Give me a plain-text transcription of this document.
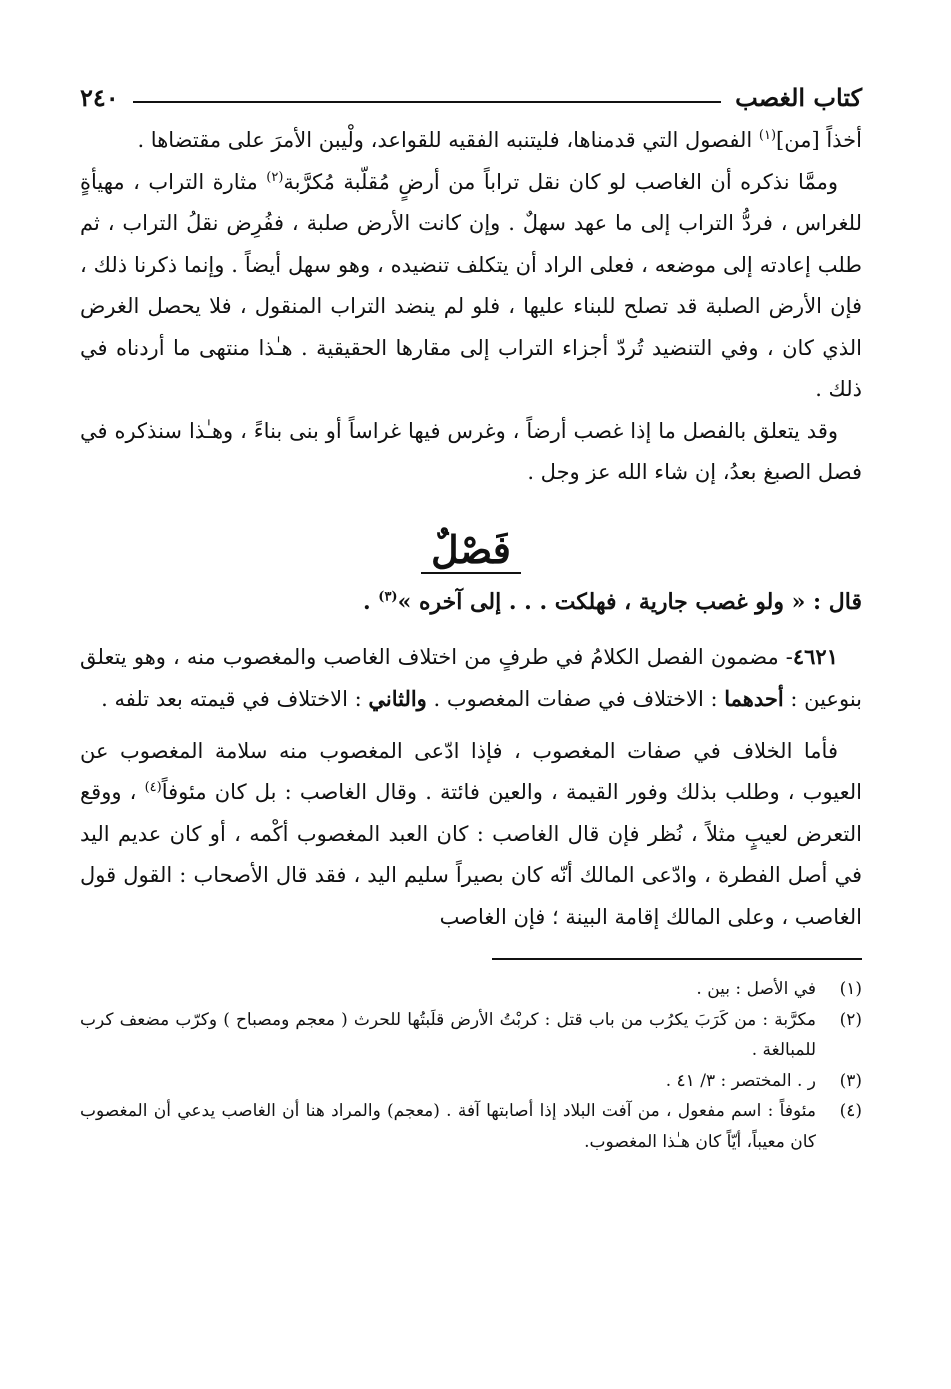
كتاب الغصب
٢٤٠

أخذاً [من]$^{(١)}$ الفصول التي قدمناها، فليتنبه الفقيه للقواعد، ولْيبن الأمرَ على مقتضاها .

وممَّا نذكره أن الغاصب لو كان نقل تراباً من أرضٍ مُقلّبة مُكرَّبة$^{(٢)}$ مثارة التراب ، مهيأةٍ للغراس ، فردُّ التراب إلى ما عهد سهلٌ . وإن كانت الأرض صلبة ، ففُرِض نقلُ التراب ، ثم طلب إعادته إلى موضعه ، فعلى الراد أن يتكلف تنضيده ، وهو سهل أيضاً . وإنما ذكرنا ذلك ، فإن الأرض الصلبة قد تصلح للبناء عليها ، فلو لم ينضد التراب المنقول ، فلا يحصل الغرض الذي كان ، وفي التنضيد تُردّ أجزاء التراب إلى مقارها الحقيقية . هـٰذا منتهى ما أردناه في ذلك .

وقد يتعلق بالفصل ما إذا غصب أرضاً ، وغرس فيها غراساً أو بنى بناءً ، وهـٰذا سنذكره في فصل الصبغ بعدُ، إن شاء الله عز وجل .

فَصْلٌ

قال : « ولو غصب جارية ، فهلكت . . . إلى آخره »$^{(٣)}$ .

٤٦٢١- مضمون الفصل الكلامُ في طرفٍ من اختلاف الغاصب والمغصوب منه ، وهو يتعلق بنوعين : أحدهما : الاختلاف في صفات المغصوب . والثاني : الاختلاف في قيمته بعد تلفه .

فأما الخلاف في صفات المغصوب ، فإذا ادّعى المغصوب منه سلامة المغصوب عن العيوب ، وطلب بذلك وفور القيمة ، والعين فائتة . وقال الغاصب : بل كان مئوفاً$^{(٤)}$ ، ووقع التعرض لعيبٍ مثلاً ، نُظر فإن قال الغاصب : كان العبد المغصوب أكْمه ، أو كان عديم اليد في أصل الفطرة ، وادّعى المالك أنّه كان بصيراً سليم اليد ، فقد قال الأصحاب : القول قول الغاصب ، وعلى المالك إقامة البينة ؛ فإن الغاصب

(١)
في الأصل : بين .
(٢)
مكرَّبة : من كَرَبَ يكرُب من باب قتل : كربْتُ الأرض قلَبتُها للحرث ( معجم ومصباح ) وكرّب مضعف كرب للمبالغة .
(٣)
ر . المختصر : ٣/ ٤١ .
(٤)
مئوفاً : اسم مفعول ، من آفت البلاد إذا أصابتها آفة . (معجم) والمراد هنا أن الغاصب يدعي أن المغصوب كان معيباً، أيّاً كان هـٰذا المغصوب.
